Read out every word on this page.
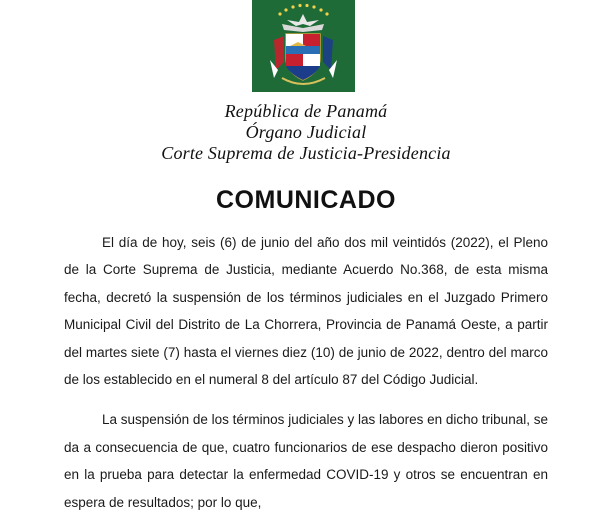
República de Panamá
Órgano Judicial
Corte Suprema de Justicia-Presidencia
COMUNICADO

El día de hoy, seis (6) de junio del año dos mil veintidós (2022), el Pleno de la Corte Suprema de Justicia, mediante Acuerdo No.368, de esta misma fecha, decretó la suspensión de los términos judiciales en el Juzgado Primero Municipal Civil del Distrito de La Chorrera, Provincia de Panamá Oeste, a partir del martes siete (7) hasta el viernes diez (10) de junio de 2022, dentro del marco de los establecido en el numeral 8 del artículo 87 del Código Judicial.

La suspensión de los términos judiciales y las labores en dicho tribunal, se da a consecuencia de que, cuatro funcionarios de ese despacho dieron positivo en la prueba para detectar la enfermedad COVID-19 y otros se encuentran en espera de resultados; por lo que,
